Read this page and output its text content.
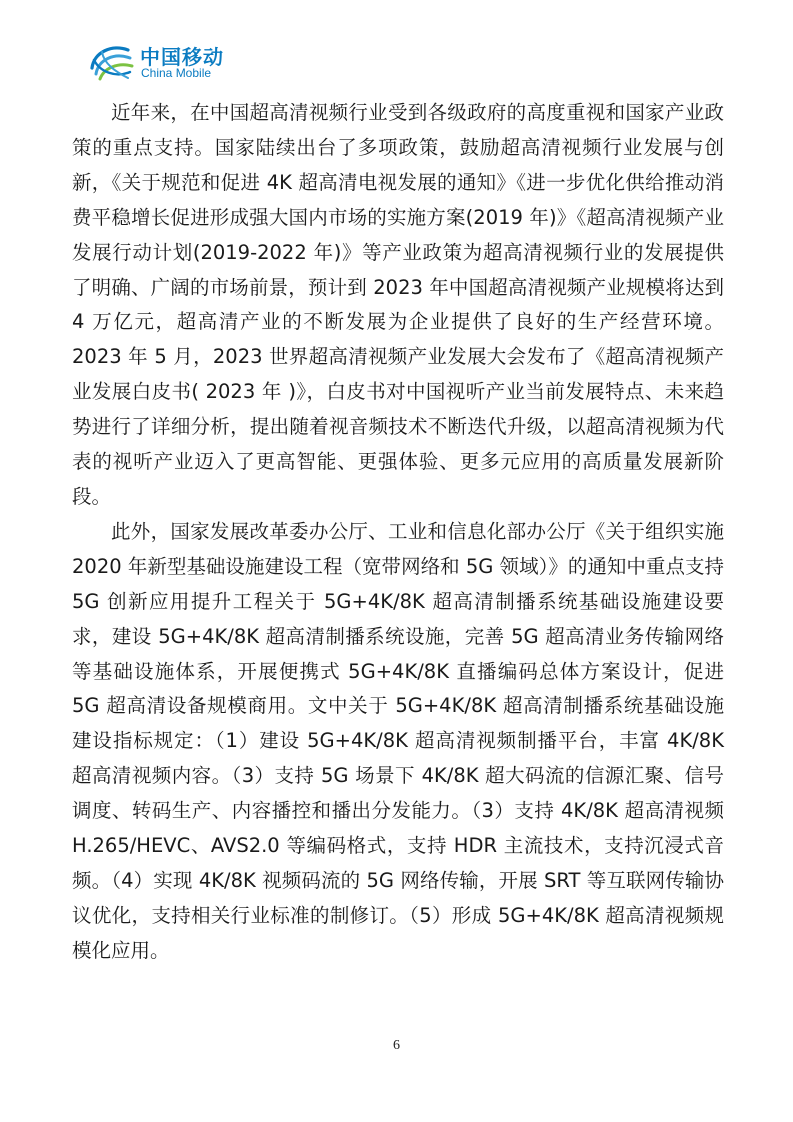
中国移动
China Mobile

近年来，在中国超高清视频行业受到各级政府的高度重视和国家产业政策的重点支持。国家陆续出台了多项政策，鼓励超高清视频行业发展与创新，《关于规范和促进 4K 超高清电视发展的通知》《进一步优化供给推动消费平稳增长促进形成强大国内市场的实施方案(2019 年)》《超高清视频产业发展行动计划(2019-2022 年)》等产业政策为超高清视频行业的发展提供了明确、广阔的市场前景，预计到 2023 年中国超高清视频产业规模将达到 4 万亿元，超高清产业的不断发展为企业提供了良好的生产经营环境。2023 年 5 月，2023 世界超高清视频产业发展大会发布了《超高清视频产业发展白皮书( 2023 年 )》，白皮书对中国视听产业当前发展特点、未来趋势进行了详细分析，提出随着视音频技术不断迭代升级，以超高清视频为代表的视听产业迈入了更高智能、更强体验、更多元应用的高质量发展新阶段。

此外，国家发展改革委办公厅、工业和信息化部办公厅《关于组织实施 2020 年新型基础设施建设工程（宽带网络和 5G 领域）》的通知中重点支持 5G 创新应用提升工程关于 5G+4K/8K 超高清制播系统基础设施建设要求，建设 5G+4K/8K 超高清制播系统设施，完善 5G 超高清业务传输网络等基础设施体系，开展便携式 5G+4K/8K 直播编码总体方案设计，促进 5G 超高清设备规模商用。文中关于 5G+4K/8K 超高清制播系统基础设施建设指标规定：（1）建设 5G+4K/8K 超高清视频制播平台，丰富 4K/8K 超高清视频内容。（3）支持 5G 场景下 4K/8K 超大码流的信源汇聚、信号调度、转码生产、内容播控和播出分发能力。（3）支持 4K/8K 超高清视频 H.265/HEVC、AVS2.0 等编码格式，支持 HDR 主流技术，支持沉浸式音频。（4）实现 4K/8K 视频码流的 5G 网络传输，开展 SRT 等互联网传输协议优化，支持相关行业标准的制修订。（5）形成 5G+4K/8K 超高清视频规模化应用。

6
